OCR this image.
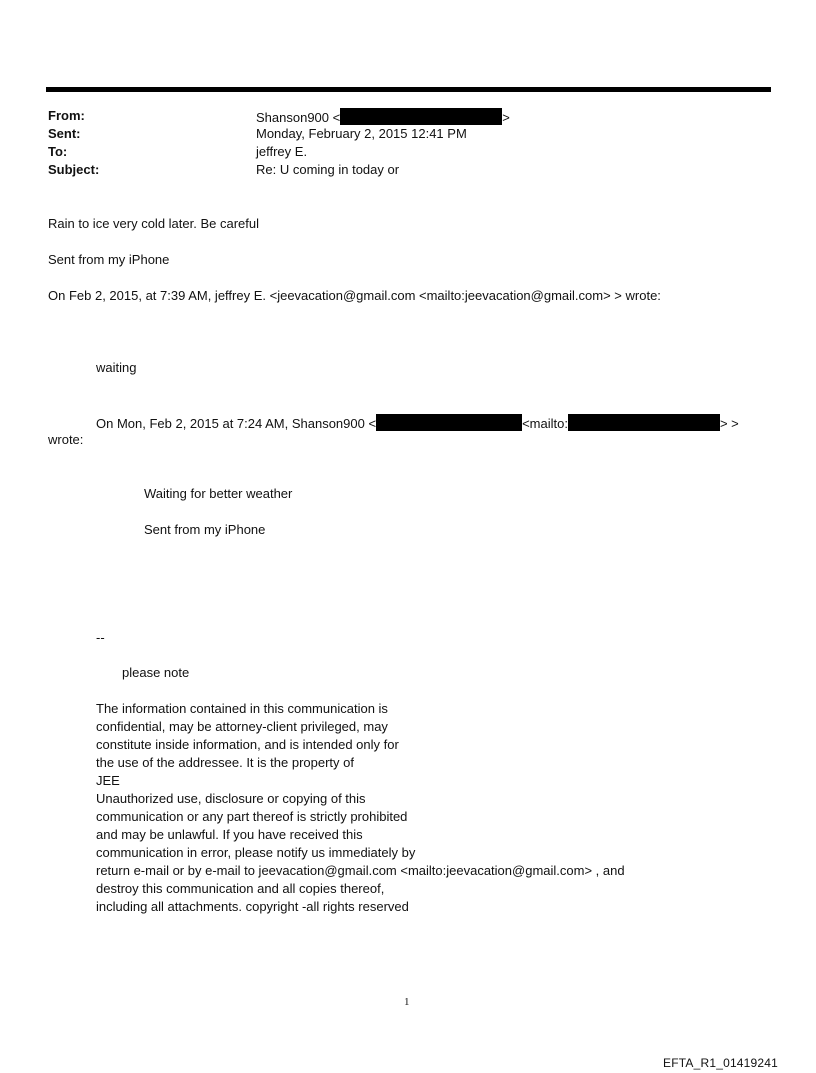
From:	Shanson900 <	>
Sent:	Monday, February 2, 2015 12:41 PM
To:	jeffrey E.
Subject:	Re: U coming in today or
Rain to ice very cold later. Be careful
Sent from my iPhone
On Feb 2, 2015, at 7:39 AM, jeffrey E. <jeevacation@gmail.com <mailto:jeevacation@gmail.com> > wrote:
waiting
On Mon, Feb 2, 2015 at 7:24 AM, Shanson900 <	<mailto:	> >
wrote:
Waiting for better weather
Sent from my iPhone
--
please note
The information contained in this communication is
confidential, may be attorney-client privileged, may
constitute inside information, and is intended only for
the use of the addressee. It is the property of
JEE
Unauthorized use, disclosure or copying of this
communication or any part thereof is strictly prohibited
and may be unlawful. If you have received this
communication in error, please notify us immediately by
return e-mail or by e-mail to jeevacation@gmail.com <mailto:jeevacation@gmail.com> , and
destroy this communication and all copies thereof,
including all attachments. copyright -all rights reserved
1
EFTA_R1_01419241
